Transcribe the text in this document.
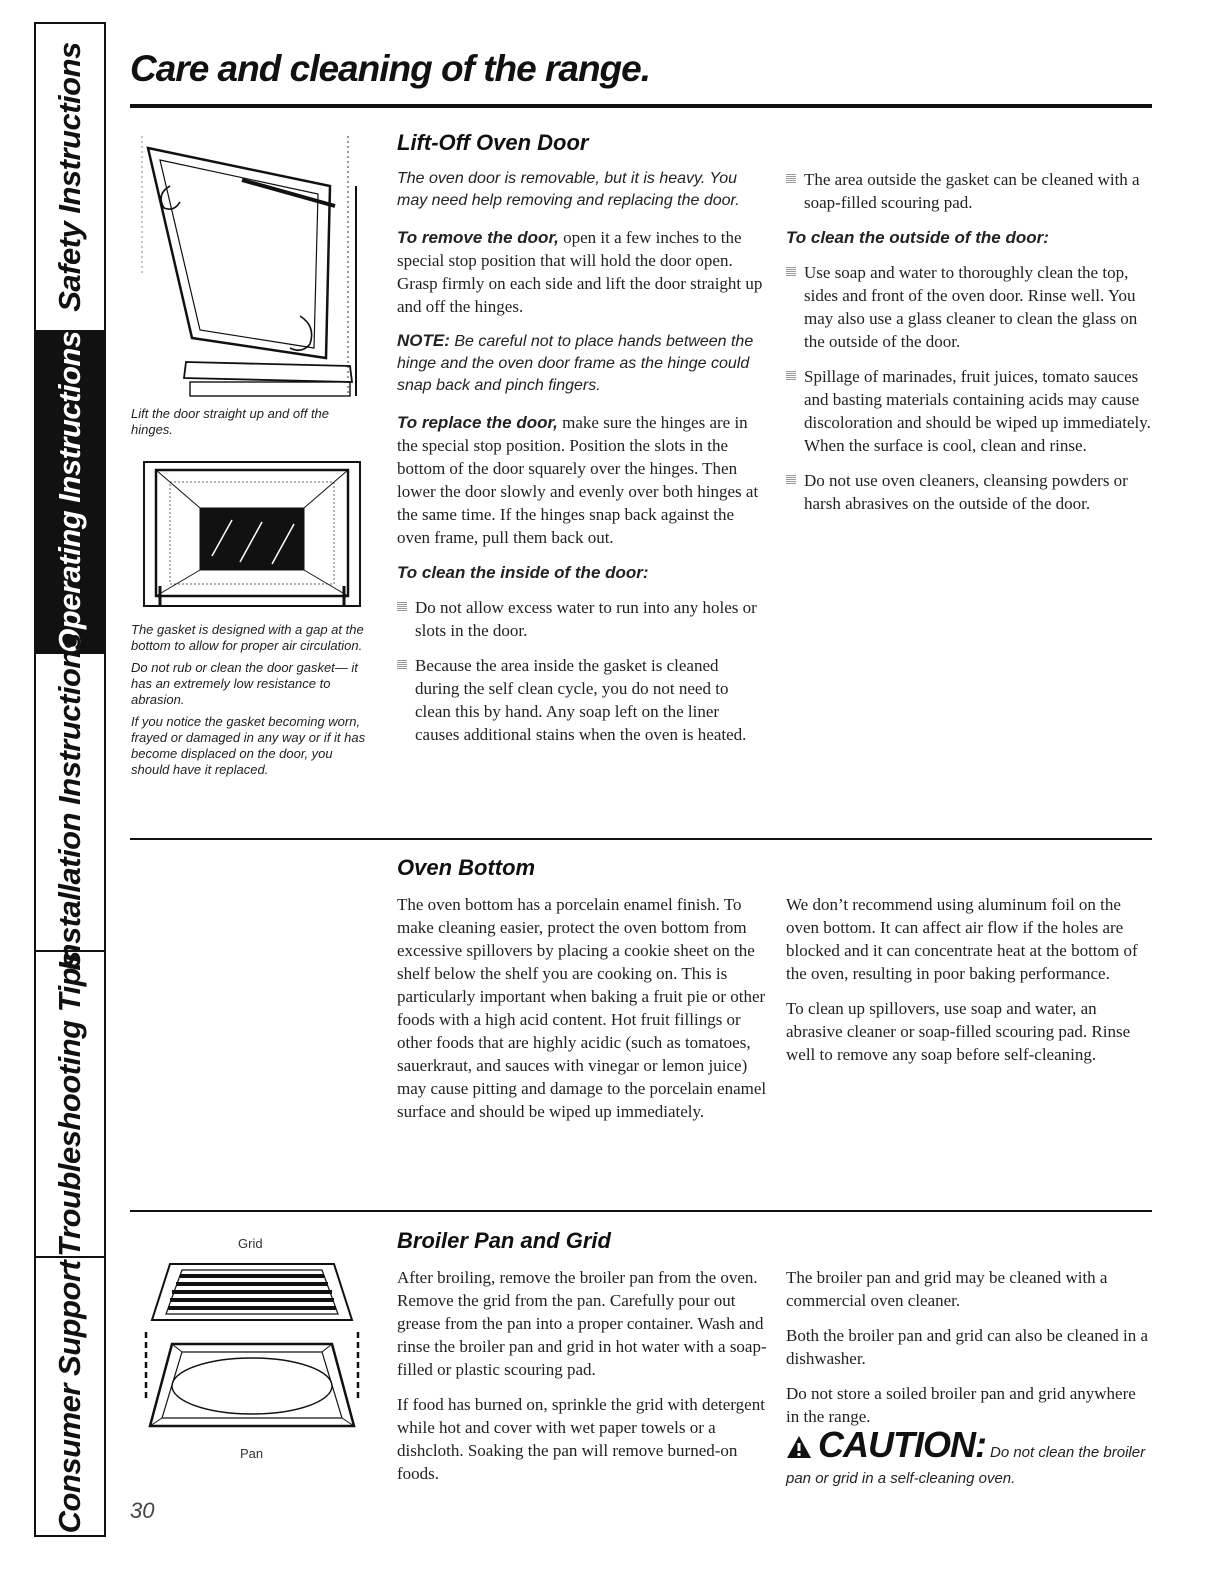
Safety Instructions
Operating Instructions
Installation Instructions
Troubleshooting Tips
Consumer Support
Care and cleaning of the range.
Lift the door straight up and off the hinges.

The gasket is designed with a gap at the bottom to allow for proper air circulation.

Do not rub or clean the door gasket— it has an extremely low resistance to abrasion.

If you notice the gasket becoming worn, frayed or damaged in any way or if it has become displaced on the door, you should have it replaced.

Lift-Off Oven Door

The oven door is removable, but it is heavy. You may need help removing and replacing the door.

To remove the door, open it a few inches to the special stop position that will hold the door open. Grasp firmly on each side and lift the door straight up and off the hinges.

NOTE: Be careful not to place hands between the hinge and the oven door frame as the hinge could snap back and pinch fingers.

To replace the door, make sure the hinges are in the special stop position. Position the slots in the bottom of the door squarely over the hinges. Then lower the door slowly and evenly over both hinges at the same time. If the hinges snap back against the oven frame, pull them back out.

To clean the inside of the door:

Do not allow excess water to run into any holes or slots in the door.
Because the area inside the gasket is cleaned during the self clean cycle, you do not need to clean this by hand. Any soap left on the liner causes additional stains when the oven is heated.
The area outside the gasket can be cleaned with a soap-filled scouring pad.

To clean the outside of the door:

Use soap and water to thoroughly clean the top, sides and front of the oven door. Rinse well. You may also use a glass cleaner to clean the glass on the outside of the door.
Spillage of marinades, fruit juices, tomato sauces and basting materials containing acids may cause discoloration and should be wiped up immediately. When the surface is cool, clean and rinse.
Do not use oven cleaners, cleansing powders or harsh abrasives on the outside of the door.
Oven Bottom

The oven bottom has a porcelain enamel finish. To make cleaning easier, protect the oven bottom from excessive spillovers by placing a cookie sheet on the shelf below the shelf you are cooking on. This is particularly important when baking a fruit pie or other foods with a high acid content. Hot fruit fillings or other foods that are highly acidic (such as tomatoes, sauerkraut, and sauces with vinegar or lemon juice) may cause pitting and damage to the porcelain enamel surface and should be wiped up immediately.

We don’t recommend using aluminum foil on the oven bottom. It can affect air flow if the holes are blocked and it can concentrate heat at the bottom of the oven, resulting in poor baking performance.

To clean up spillovers, use soap and water, an abrasive cleaner or soap-filled scouring pad. Rinse well to remove any soap before self-cleaning.

Grid
Pan
Broiler Pan and Grid

After broiling, remove the broiler pan from the oven. Remove the grid from the pan. Carefully pour out grease from the pan into a proper container. Wash and rinse the broiler pan and grid in hot water with a soap-filled or plastic scouring pad.

If food has burned on, sprinkle the grid with detergent while hot and cover with wet paper towels or a dishcloth. Soaking the pan will remove burned-on foods.

The broiler pan and grid may be cleaned with a commercial oven cleaner.

Both the broiler pan and grid can also be cleaned in a dishwasher.

Do not store a soiled broiler pan and grid anywhere in the range.

CAUTION: Do not clean the broiler pan or grid in a self-cleaning oven.
30
